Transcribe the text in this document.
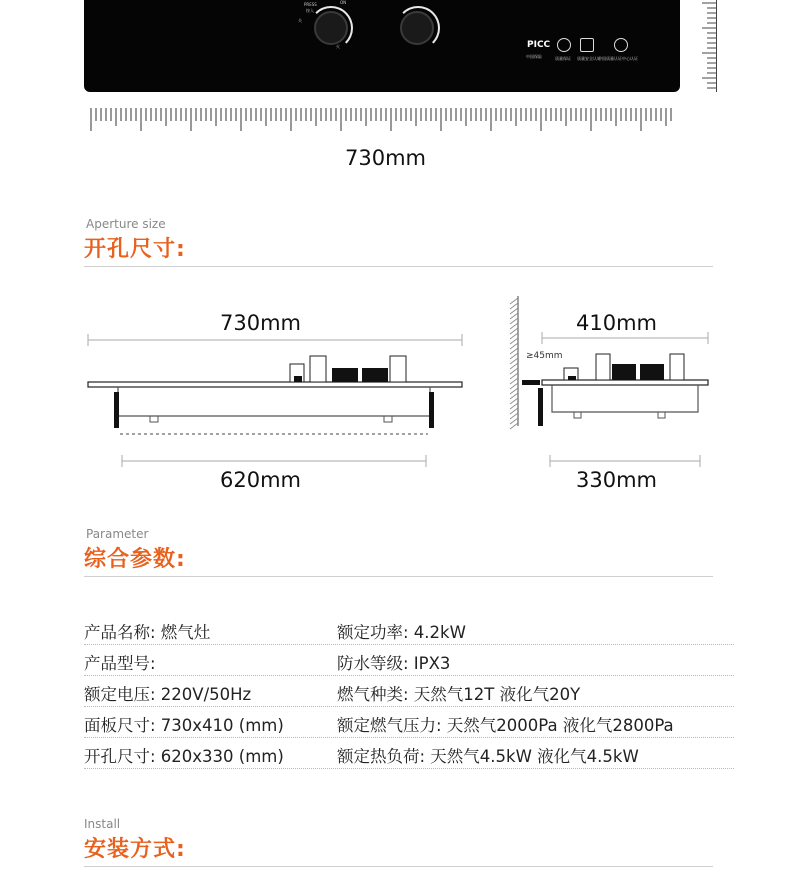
PRESS
按入
关
ON
火	PICC
中国保险	质量保证 质量安全认证
中国质量认证中心认证
730mm
Aperture size
开孔尺寸:
730mm
620mm
410mm
≥45mm
330mm
Parameter
综合参数:
产品名称: 燃气灶	额定功率: 4.2kW
产品型号:	防水等级: IPX3
额定电压: 220V/50Hz	燃气种类: 天然气12T 液化气20Y
面板尺寸: 730x410 (mm)	额定燃气压力: 天然气2000Pa 液化气2800Pa
开孔尺寸: 620x330 (mm)	额定热负荷: 天然气4.5kW 液化气4.5kW
Install
安装方式:
